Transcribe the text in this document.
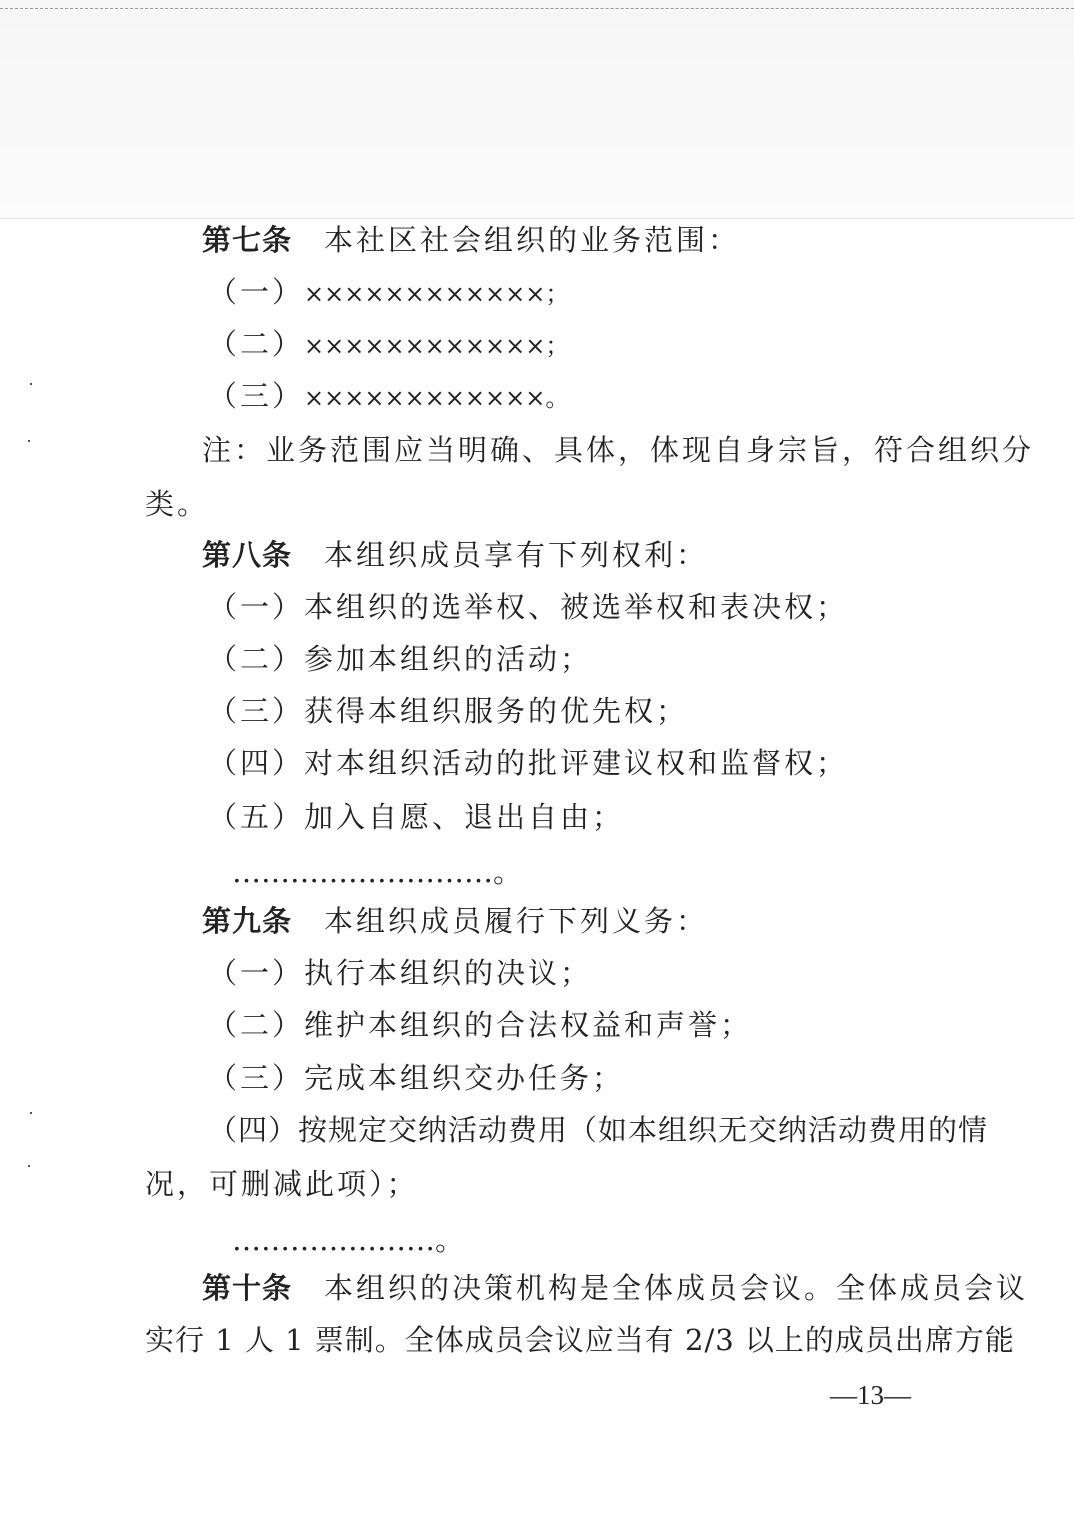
第七条 本社区社会组织的业务范围：
（一）××××××××××××；
（二）××××××××××××；
（三）××××××××××××。
注：业务范围应当明确、具体，体现自身宗旨，符合组织分
类。
第八条 本组织成员享有下列权利：
（一）本组织的选举权、被选举权和表决权；
（二）参加本组织的活动；
（三）获得本组织服务的优先权；
（四）对本组织活动的批评建议权和监督权；
（五）加入自愿、退出自由；
………………………。
第九条 本组织成员履行下列义务：
（一）执行本组织的决议；
（二）维护本组织的合法权益和声誉；
（三）完成本组织交办任务；
（四）按规定交纳活动费用（如本组织无交纳活动费用的情
况，可删减此项）；
…………………。
第十条 本组织的决策机构是全体成员会议。全体成员会议
实行 1 人 1 票制。全体成员会议应当有 2/3 以上的成员出席方能
—13—
